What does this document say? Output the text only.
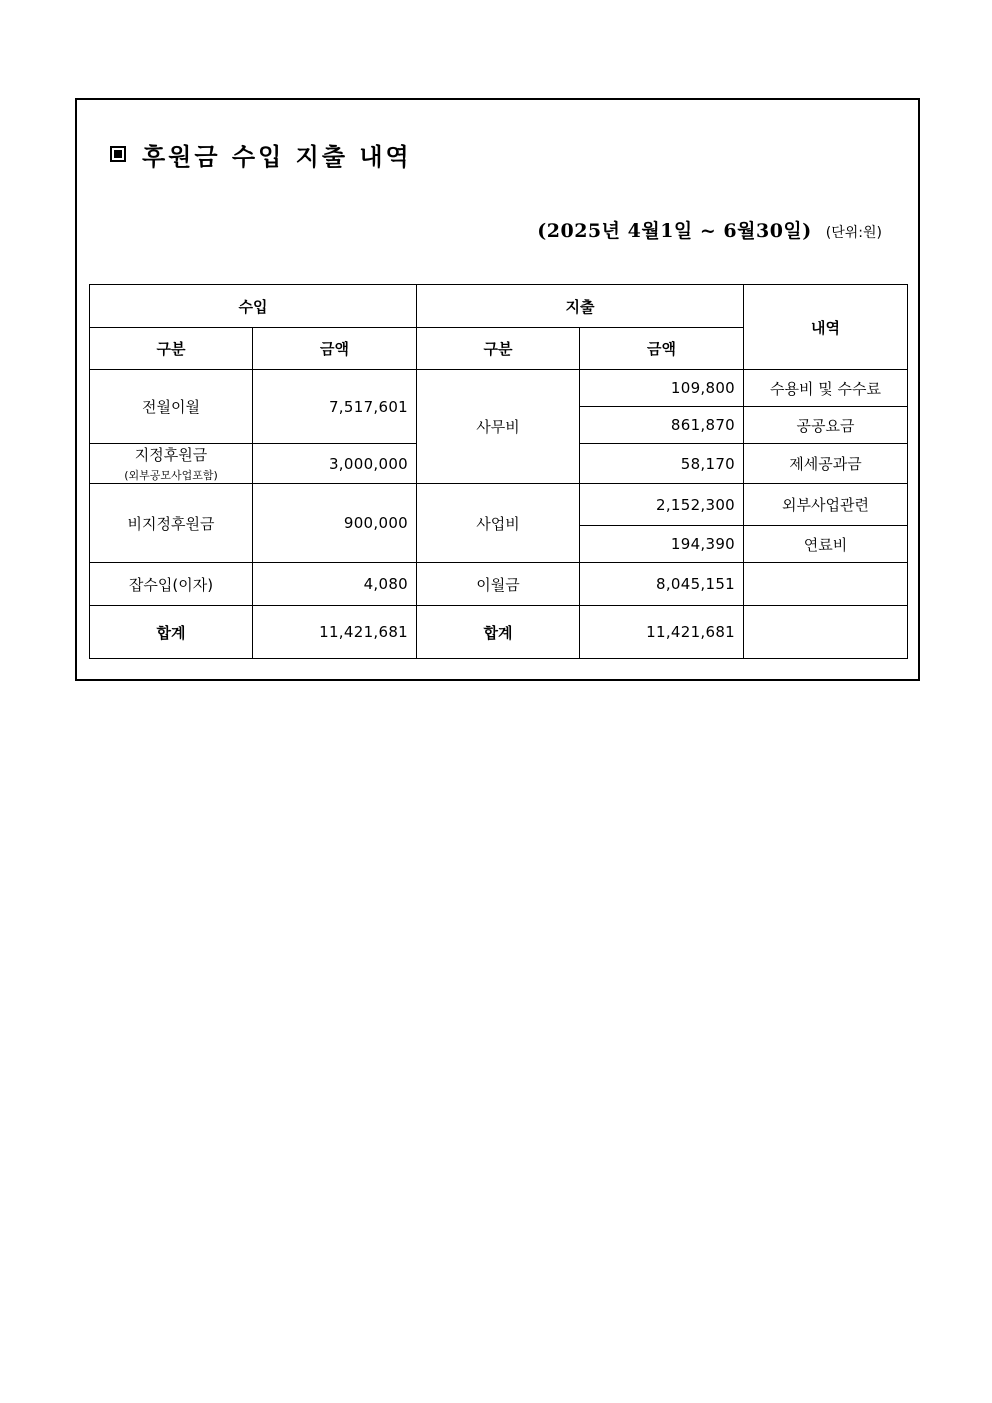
후원금 수입 지출 내역
(2025년 4월1일 ~ 6월30일) (단위:원)
수입		지출		내역
구분	금액	구분	금액	
전월이월	7,517,601	사무비	109,800	수용비 및 수수료
			861,870	공공요금
지정후원금
(외부공모사업포함)	3,000,000		58,170	제세공과금
비지정후원금	900,000	사업비	2,152,300	외부사업관련
			194,390	연료비
잡수입(이자)	4,080	이월금	8,045,151	
합계	11,421,681	합계	11,421,681	
